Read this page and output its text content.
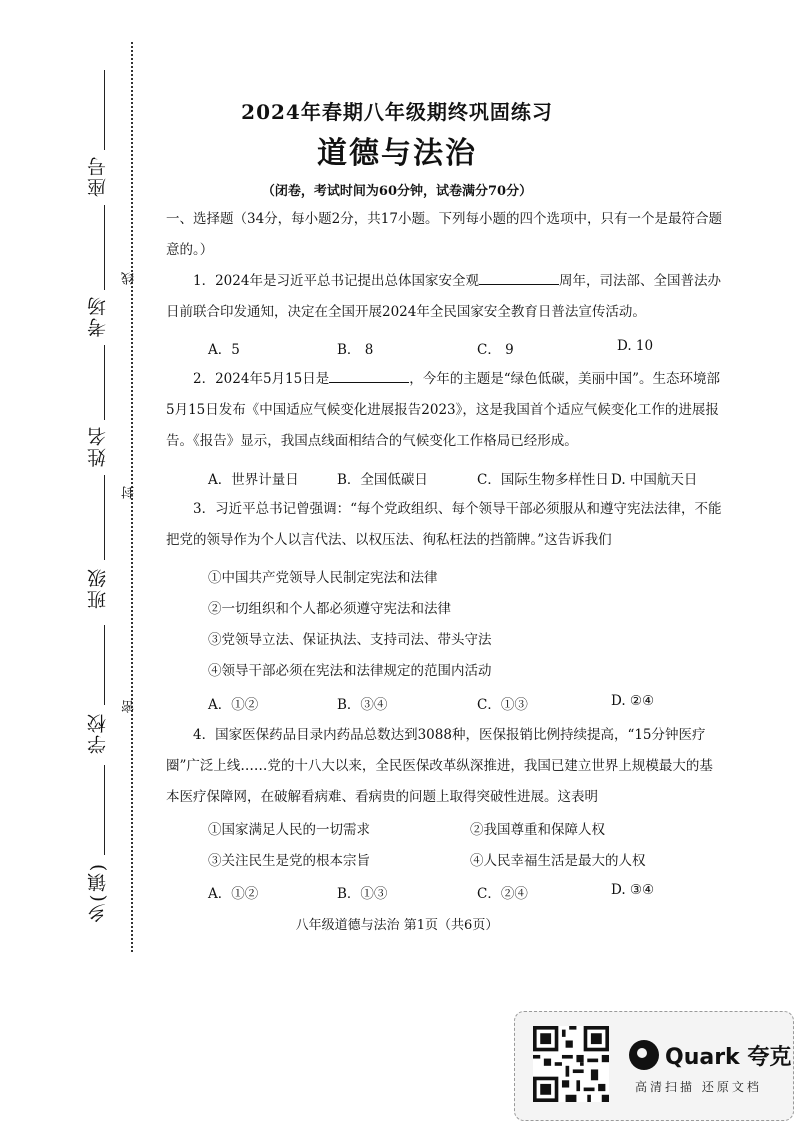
座号
考场
姓名
班级
学校
乡(镇)
线
封
密
2024年春期八年级期终巩固练习
道德与法治
（闭卷，考试时间为60分钟，试卷满分70分）
一、选择题（34分，每小题2分，共17小题。下列每小题的四个选项中，只有一个是最符合题意的。）
1．2024年是习近平总书记提出总体国家安全观	周年，司法部、全国普法办日前联合印发通知，决定在全国开展2024年全民国家安全教育日普法宣传活动。
A．5	B． 8	C． 9	D. 10
2．2024年5月15日是	，今年的主题是“绿色低碳，美丽中国”。生态环境部5月15日发布《中国适应气候变化进展报告2023》，这是我国首个适应气候变化工作的进展报告。《报告》显示，我国点线面相结合的气候变化工作格局已经形成。
A．世界计量日	B．全国低碳日	C．国际生物多样性日 D. 中国航天日
3．习近平总书记曾强调：“每个党政组织、每个领导干部必须服从和遵守宪法法律，不能把党的领导作为个人以言代法、以权压法、徇私枉法的挡箭牌。”这告诉我们
①中国共产党领导人民制定宪法和法律
②一切组织和个人都必须遵守宪法和法律
③党领导立法、保证执法、支持司法、带头守法
④领导干部必须在宪法和法律规定的范围内活动
A．①②	B．③④	C．①③	D. ②④
4．国家医保药品目录内药品总数达到3088种，医保报销比例持续提高，“15分钟医疗圈”广泛上线……党的十八大以来，全民医保改革纵深推进，我国已建立世界上规模最大的基本医疗保障网，在破解看病难、看病贵的问题上取得突破性进展。这表明
①国家满足人民的一切需求	②我国尊重和保障人权
③关注民生是党的根本宗旨	④人民幸福生活是最大的人权
A．①②	B．①③	C．②④	D. ③④
八年级道德与法治 第1页（共6页）
Quark 夸克
高清扫描 还原文档
